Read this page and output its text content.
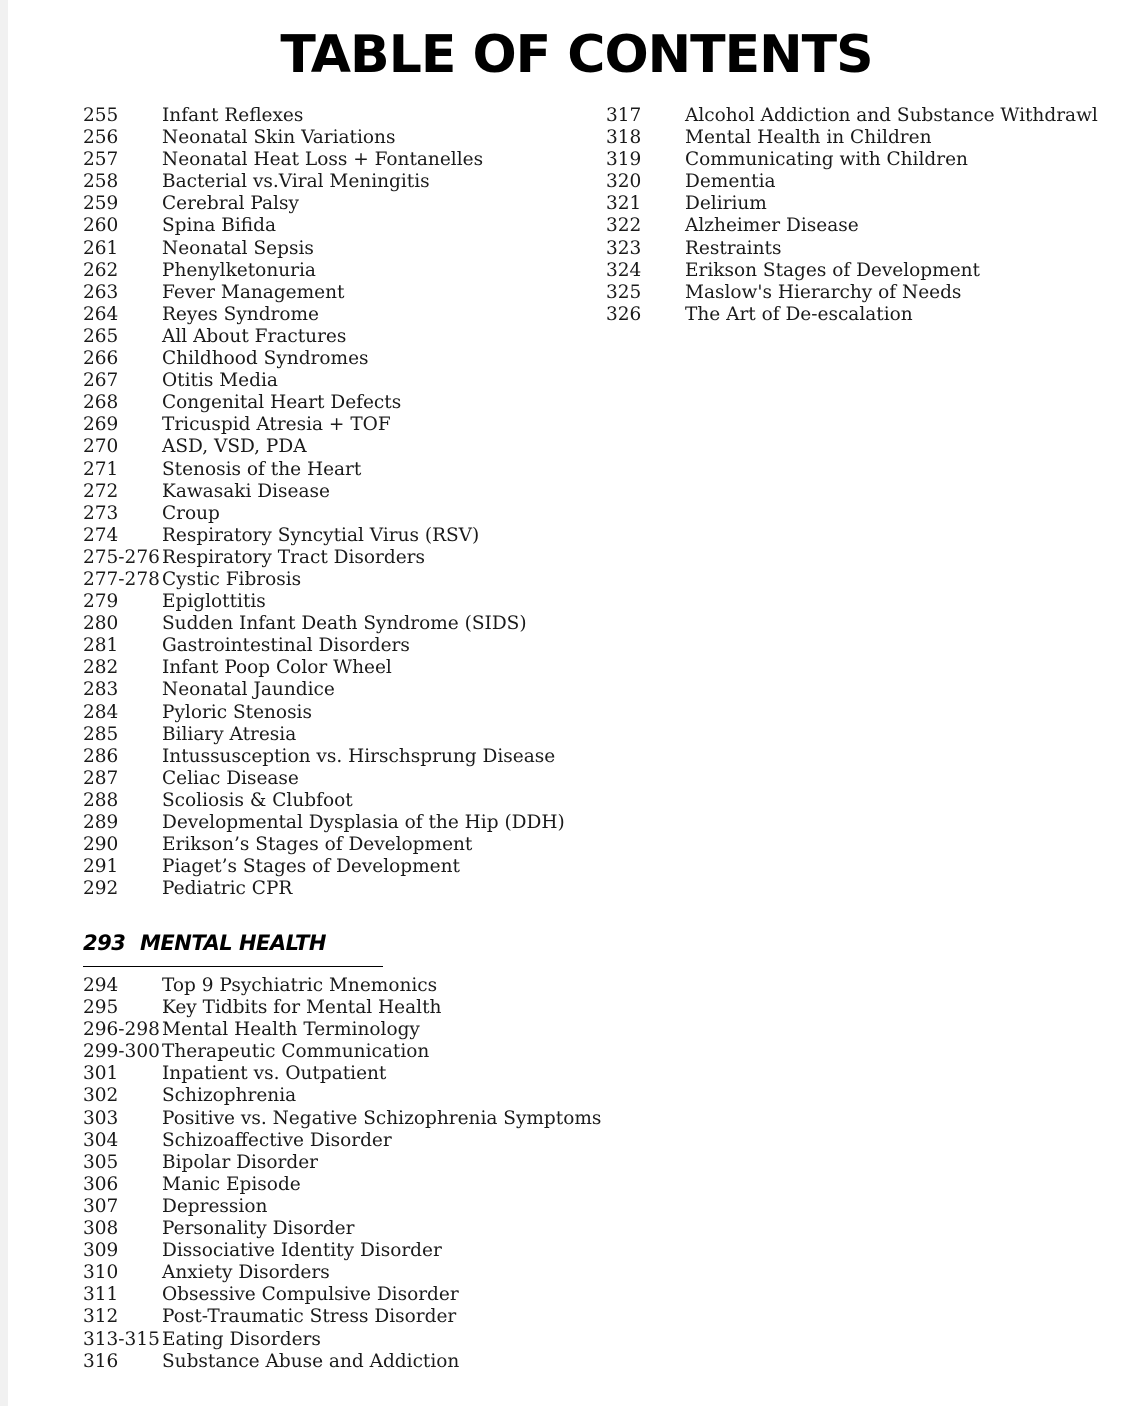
TABLE OF CONTENTS
255	Infant Reflexes
256	Neonatal Skin Variations
257	Neonatal Heat Loss + Fontanelles
258	Bacterial vs.Viral Meningitis
259	Cerebral Palsy
260	Spina Bifida
261	Neonatal Sepsis
262	Phenylketonuria
263	Fever Management
264	Reyes Syndrome
265	All About Fractures
266	Childhood Syndromes
267	Otitis Media
268	Congenital Heart Defects
269	Tricuspid Atresia + TOF
270	ASD, VSD, PDA
271	Stenosis of the Heart
272	Kawasaki Disease
273	Croup
274	Respiratory Syncytial Virus (RSV)
275-276 Respiratory Tract Disorders
277-278 Cystic Fibrosis
279	Epiglottitis
280	Sudden Infant Death Syndrome (SIDS)
281	Gastrointestinal Disorders
282	Infant Poop Color Wheel
283	Neonatal Jaundice
284	Pyloric Stenosis
285	Biliary Atresia
286	Intussusception vs. Hirschsprung Disease
287	Celiac Disease
288	Scoliosis & Clubfoot
289	Developmental Dysplasia of the Hip (DDH)
290	Erikson’s Stages of Development
291	Piaget’s Stages of Development
292	Pediatric CPR
293 MENTAL HEALTH
294	Top 9 Psychiatric Mnemonics
295	Key Tidbits for Mental Health
296-298 Mental Health Terminology
299-300 Therapeutic Communication
301	Inpatient vs. Outpatient
302	Schizophrenia
303	Positive vs. Negative Schizophrenia Symptoms
304	Schizoaffective Disorder
305	Bipolar Disorder
306	Manic Episode
307	Depression
308	Personality Disorder
309	Dissociative Identity Disorder
310	Anxiety Disorders
311	Obsessive Compulsive Disorder
312	Post-Traumatic Stress Disorder
313-315 Eating Disorders
316	Substance Abuse and Addiction
317	Alcohol Addiction and Substance Withdrawl
318	Mental Health in Children
319	Communicating with Children
320	Dementia
321	Delirium
322	Alzheimer Disease
323	Restraints
324	Erikson Stages of Development
325	Maslow's Hierarchy of Needs
326	The Art of De-escalation
